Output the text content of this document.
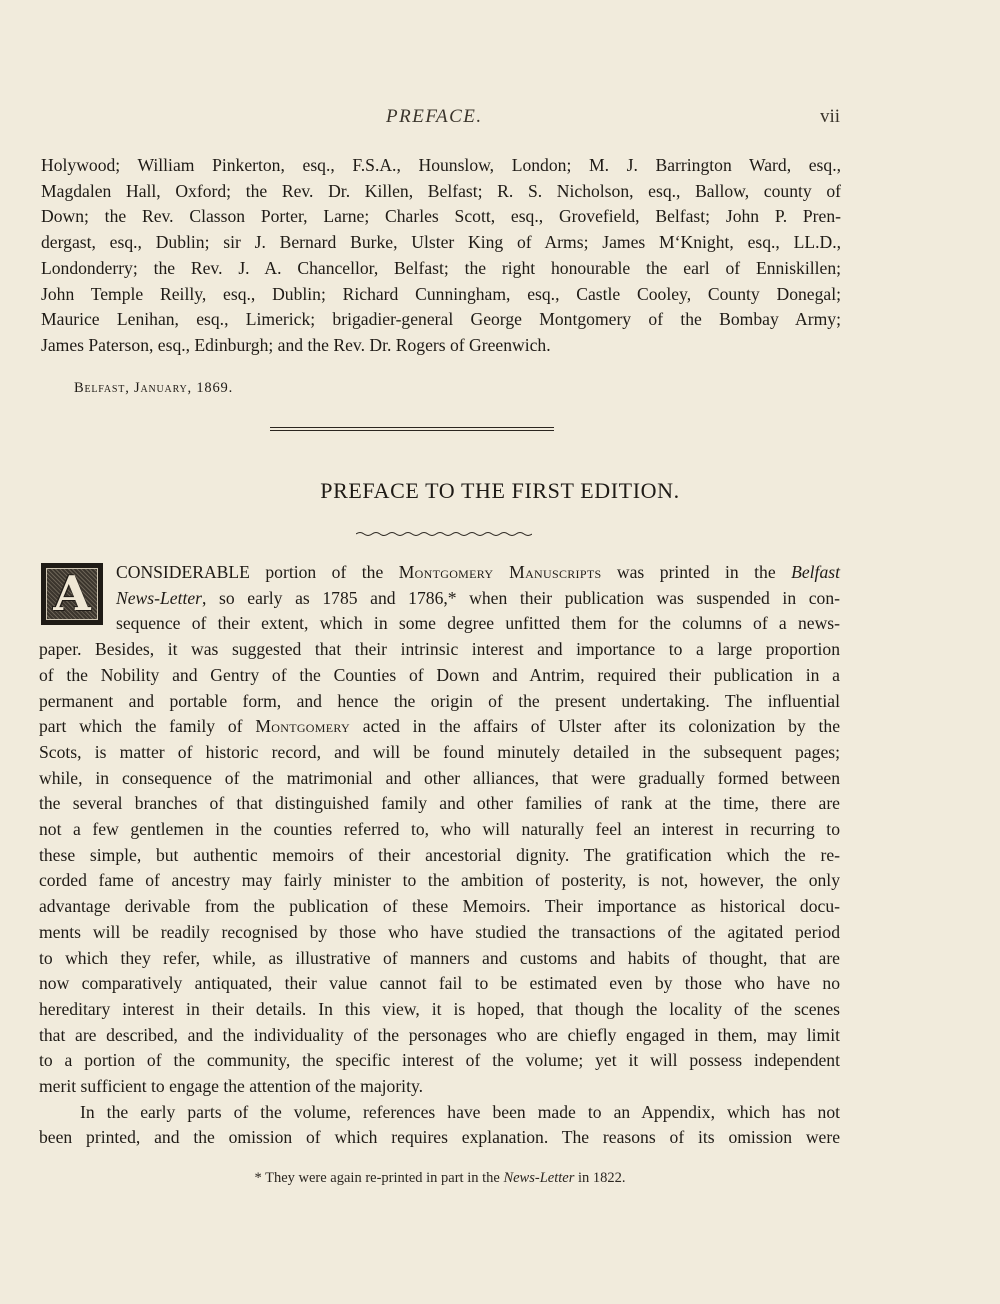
PREFACE.	vii
Holywood; William Pinkerton, esq., F.S.A., Hounslow, London; M. J. Barrington Ward, esq.,
Magdalen Hall, Oxford; the Rev. Dr. Killen, Belfast; R. S. Nicholson, esq., Ballow, county of
Down; the Rev. Classon Porter, Larne; Charles Scott, esq., Grovefield, Belfast; John P. Pren-
dergast, esq., Dublin; sir J. Bernard Burke, Ulster King of Arms; James M‘Knight, esq., LL.D.,
Londonderry; the Rev. J. A. Chancellor, Belfast; the right honourable the earl of Enniskillen;
John Temple Reilly, esq., Dublin; Richard Cunningham, esq., Castle Cooley, County Donegal;
Maurice Lenihan, esq., Limerick; brigadier-general George Montgomery of the Bombay Army;
James Paterson, esq., Edinburgh; and the Rev. Dr. Rogers of Greenwich.
Belfast, January, 1869.
PREFACE TO THE FIRST EDITION.
A	CONSIDERABLE portion of the Montgomery Manuscripts was printed in the Belfast
News-Letter, so early as 1785 and 1786,* when their publication was suspended in con-
sequence of their extent, which in some degree unfitted them for the columns of a news-
paper. Besides, it was suggested that their intrinsic interest and importance to a large proportion
of the Nobility and Gentry of the Counties of Down and Antrim, required their publication in a
permanent and portable form, and hence the origin of the present undertaking. The influential
part which the family of Montgomery acted in the affairs of Ulster after its colonization by the
Scots, is matter of historic record, and will be found minutely detailed in the subsequent pages;
while, in consequence of the matrimonial and other alliances, that were gradually formed between
the several branches of that distinguished family and other families of rank at the time, there are
not a few gentlemen in the counties referred to, who will naturally feel an interest in recurring to
these simple, but authentic memoirs of their ancestorial dignity. The gratification which the re-
corded fame of ancestry may fairly minister to the ambition of posterity, is not, however, the only
advantage derivable from the publication of these Memoirs. Their importance as historical docu-
ments will be readily recognised by those who have studied the transactions of the agitated period
to which they refer, while, as illustrative of manners and customs and habits of thought, that are
now comparatively antiquated, their value cannot fail to be estimated even by those who have no
hereditary interest in their details. In this view, it is hoped, that though the locality of the scenes
that are described, and the individuality of the personages who are chiefly engaged in them, may limit
to a portion of the community, the specific interest of the volume; yet it will possess independent
merit sufficient to engage the attention of the majority.
In the early parts of the volume, references have been made to an Appendix, which has not
been printed, and the omission of which requires explanation. The reasons of its omission were
* They were again re-printed in part in the News-Letter in 1822.
